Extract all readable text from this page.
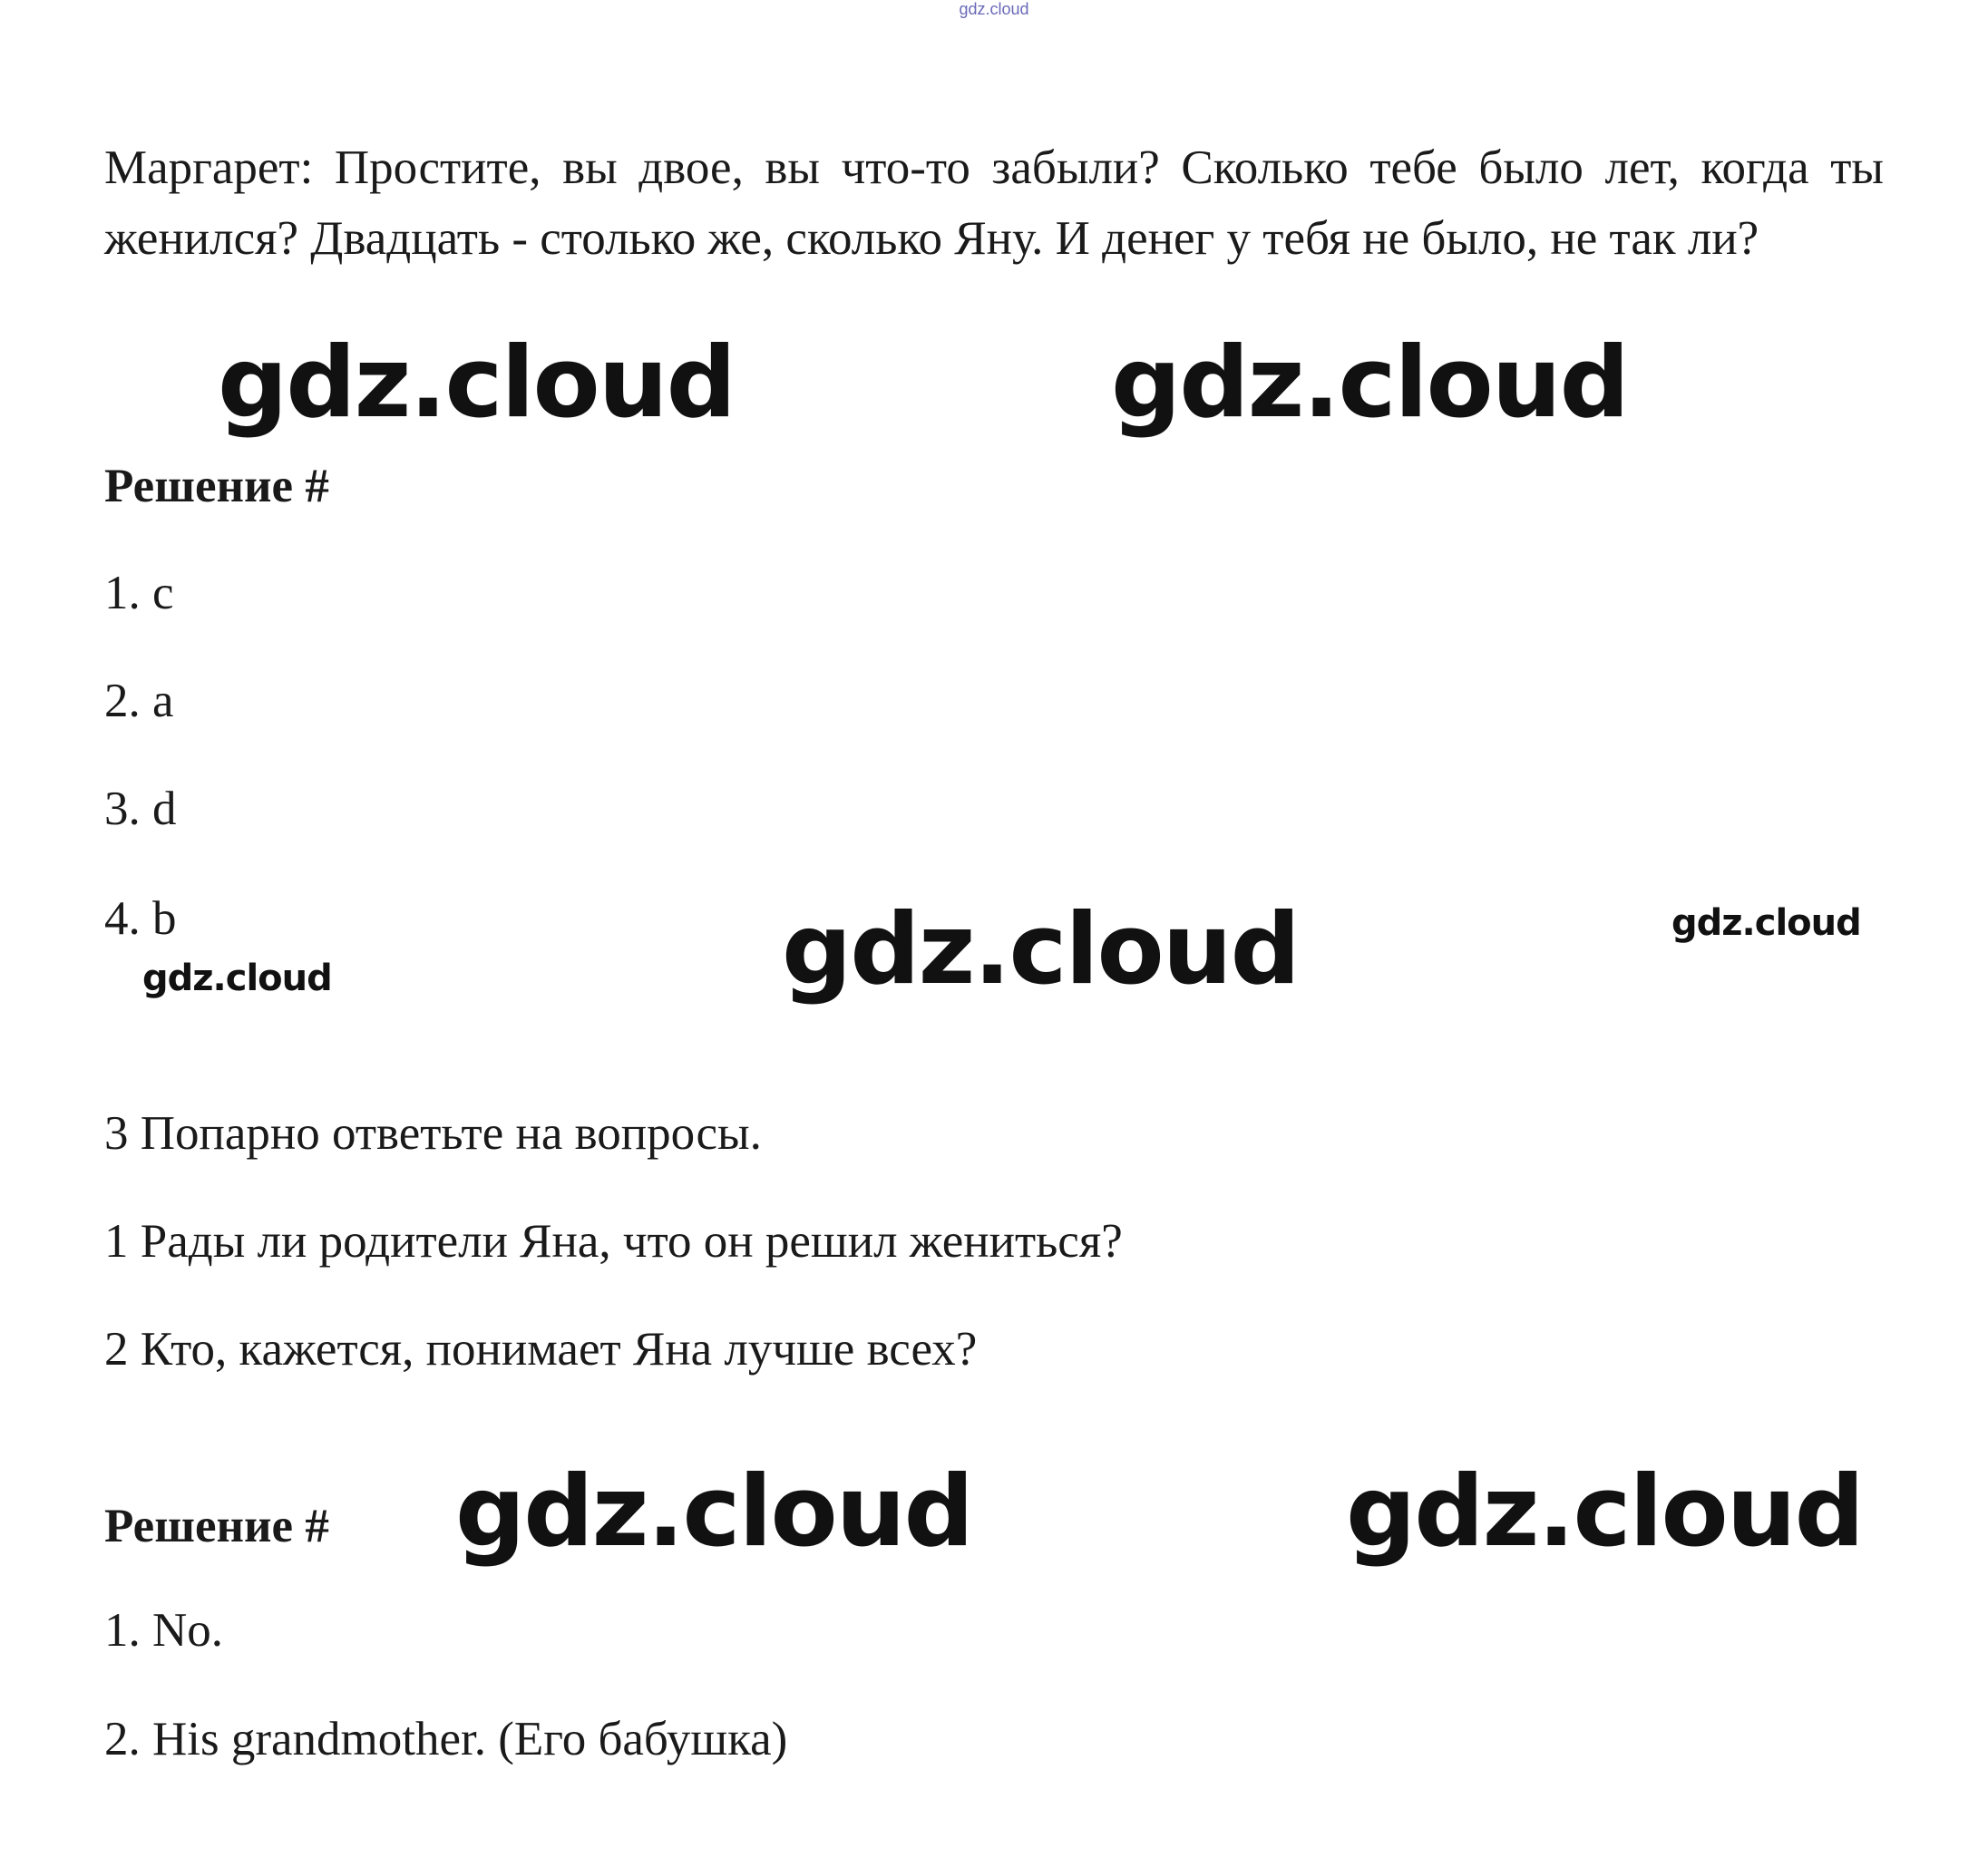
gdz.cloud
Маргарет: Простите, вы двое, вы что-то забыли? Сколько тебе было лет, когда ты женился? Двадцать - столько же, сколько Яну. И денег у тебя не было, не так ли?
gdz.cloud	gdz.cloud
Решение #
1. c
2. a
3. d
4. b	gdz.cloud	gdz.cloud
gdz.cloud
3 Попарно ответьте на вопросы.
1 Рады ли родители Яна, что он решил жениться?
2 Кто, кажется, понимает Яна лучше всех?
Решение # gdz.cloud	gdz.cloud
1. No.
2. His grandmother. (Его бабушка)
